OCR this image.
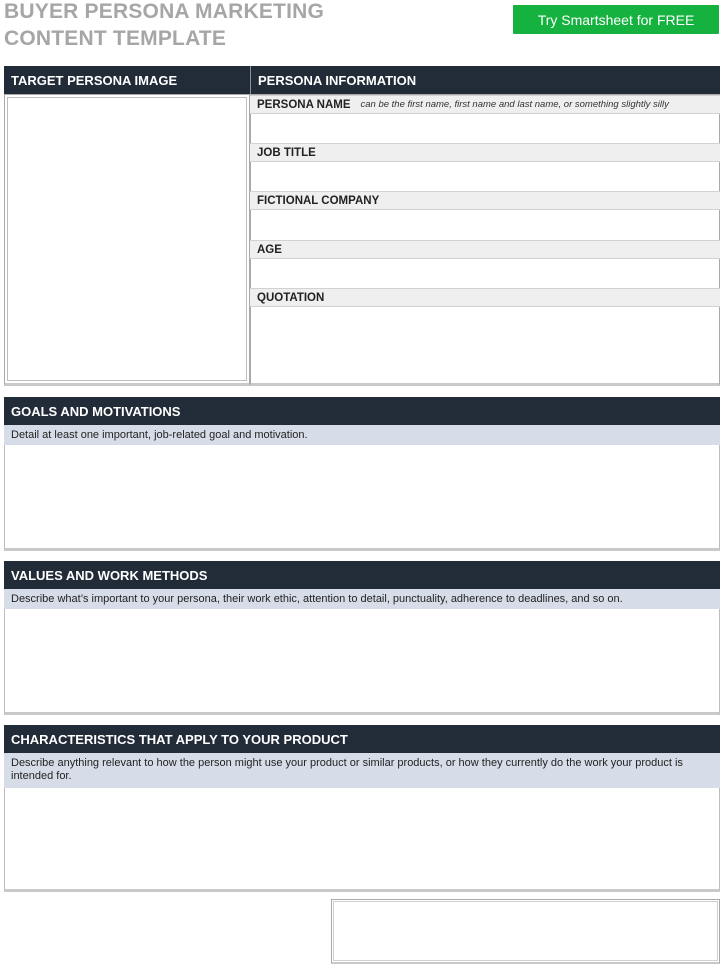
BUYER PERSONA MARKETING
CONTENT TEMPLATE
Try Smartsheet for FREE
TARGET PERSONA IMAGE	PERSONA INFORMATION
PERSONA NAME can be the first name, first name and last name, or something slightly silly
JOB TITLE
FICTIONAL COMPANY
AGE
QUOTATION
GOALS AND MOTIVATIONS
Detail at least one important, job-related goal and motivation.
VALUES AND WORK METHODS
Describe what’s important to your persona, their work ethic, attention to detail, punctuality, adherence to deadlines, and so on.
CHARACTERISTICS THAT APPLY TO YOUR PRODUCT
Describe anything relevant to how the person might use your product or similar products, or how they currently do the work your product is intended for.
